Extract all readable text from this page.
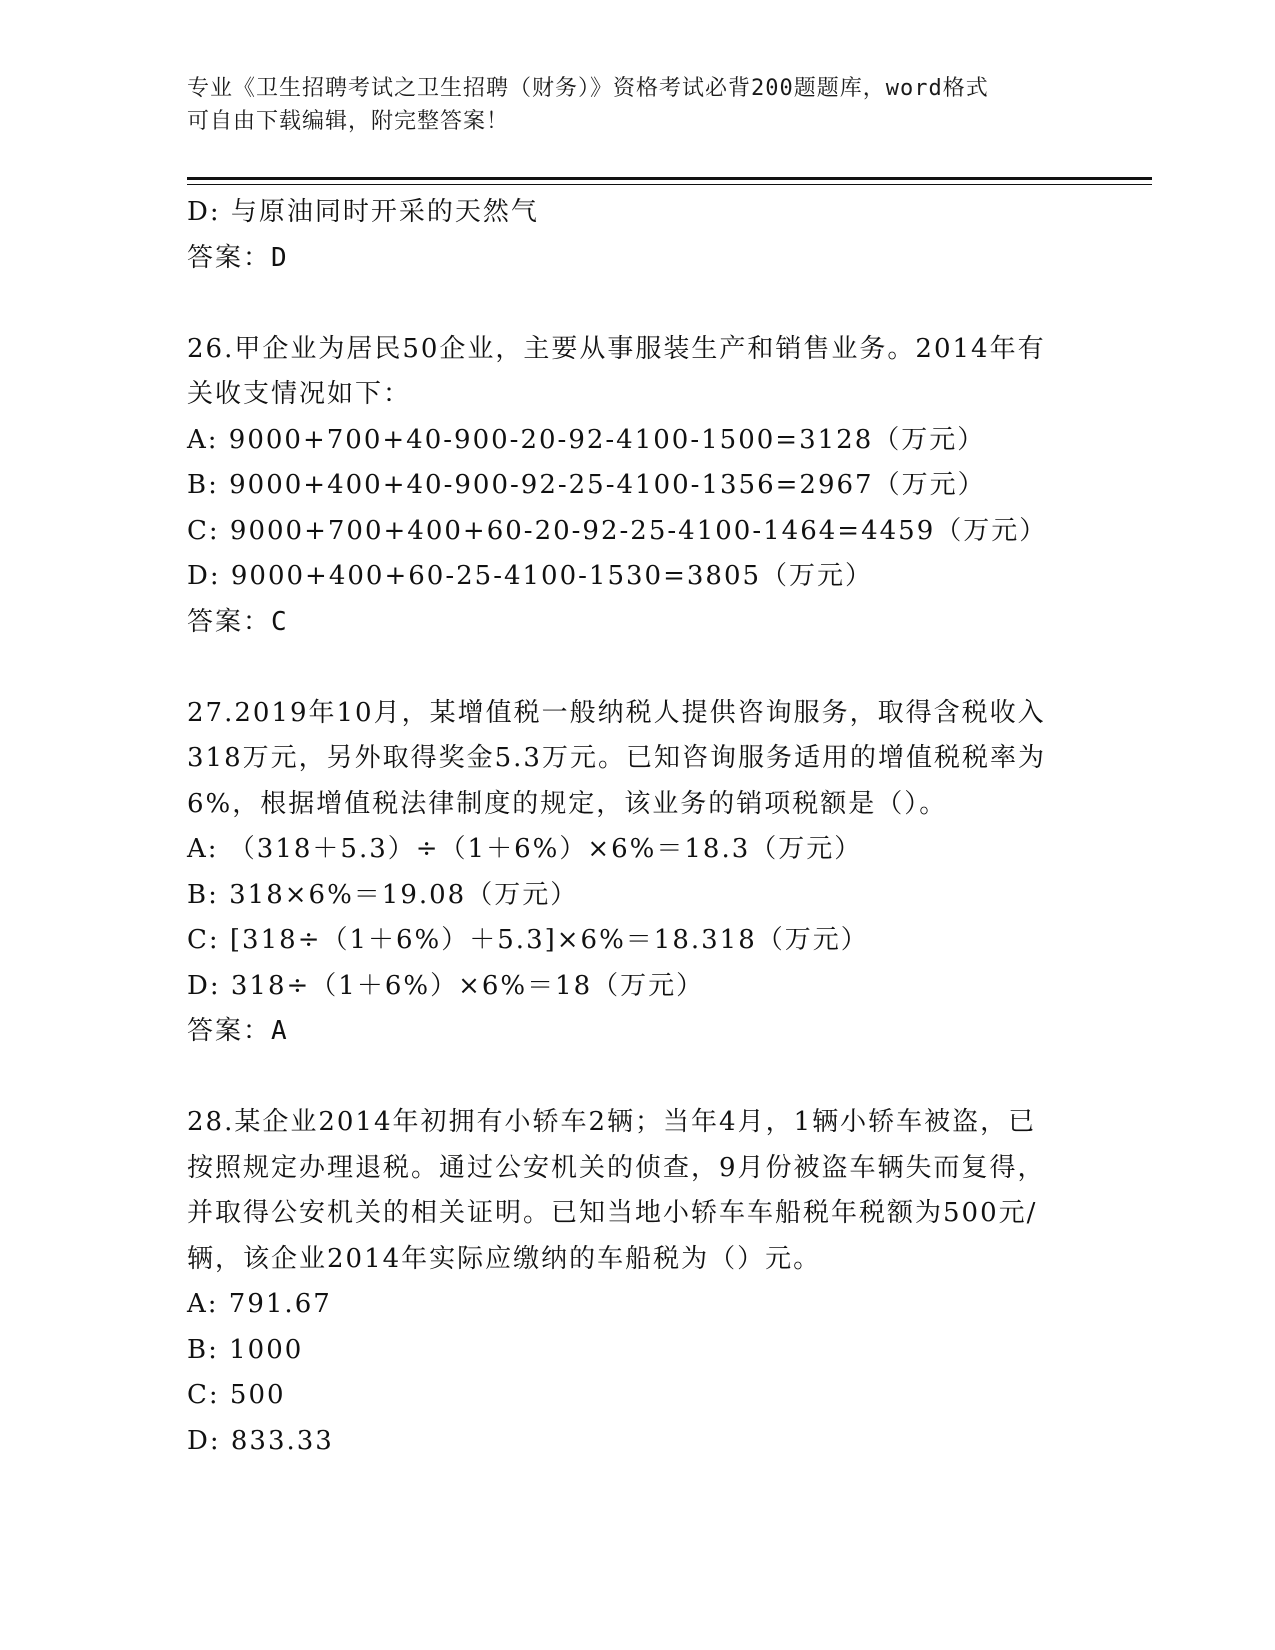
专业《卫生招聘考试之卫生招聘（财务）》资格考试必背200题题库，word格式
可自由下载编辑，附完整答案！
D: 与原油同时开采的天然气
答案：D
26.甲企业为居民50企业，主要从事服装生产和销售业务。2014年有
关收支情况如下：
A: 9000+700+40-900-20-92-4100-1500=3128（万元）
B: 9000+400+40-900-92-25-4100-1356=2967（万元）
C: 9000+700+400+60-20-92-25-4100-1464=4459（万元）
D: 9000+400+60-25-4100-1530=3805（万元）
答案：C
27.2019年10月，某增值税一般纳税人提供咨询服务，取得含税收入
318万元，另外取得奖金5.3万元。已知咨询服务适用的增值税税率为
6%，根据增值税法律制度的规定，该业务的销项税额是（）。
A: （318＋5.3）÷（1＋6%）×6%＝18.3（万元）
B: 318×6%＝19.08（万元）
C: [318÷（1＋6%）＋5.3]×6%＝18.318（万元）
D: 318÷（1＋6%）×6%＝18（万元）
答案：A
28.某企业2014年初拥有小轿车2辆；当年4月，1辆小轿车被盗，已
按照规定办理退税。通过公安机关的侦查，9月份被盗车辆失而复得，
并取得公安机关的相关证明。已知当地小轿车车船税年税额为500元/
辆，该企业2014年实际应缴纳的车船税为（）元。
A: 791.67
B: 1000
C: 500
D: 833.33
